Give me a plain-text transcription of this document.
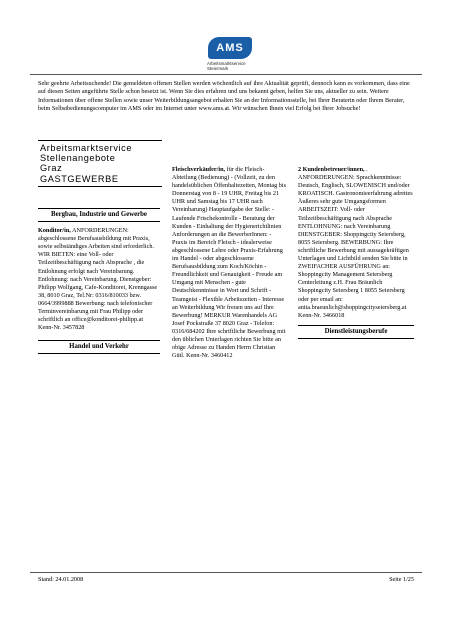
AMS
Arbeitsmarktservice
Steiermark

Sehr geehrte Arbeitsuchende! Die gemeldeten offenen Stellen werden wöchentlich auf ihre Aktualität geprüft, dennoch kann es vorkommen, dass eine auf diesen Seiten angeführte Stelle schon besetzt ist. Wenn Sie dies erfahren und uns bekannt geben, helfen Sie uns, aktueller zu sein. Weitere Informationen über offene Stellen sowie unser Weiterbildungsangebot erhalten Sie an der Informationsstelle, bei Ihrer Beraterin oder Ihrem Berater, beim Selbstbedienungscomputer im AMS oder im Internet unter www.ams.at. Wir wünschen Ihnen viel Erfolg bei Ihrer Jobsuche!

Arbeitsmarktservice
Stellenangebote
Graz
GASTGEWERBE
Bergbau, Industrie und Gewerbe

Konditor/in, ANFORDERUNGEN: abgeschlossene Berufsausbildung mit Praxis, sowie selbständiges Arbeiten sind erforderlich. WIR BIETEN: eine Voll- oder Teilzeitbeschäftigung nach Absprache , die Entlohnung erfolgt nach Vereinbarung. Entlohnung: nach Vereinbarung. Dienstgeber: Philipp Wolfgang, Cafe-Konditorei, Krenngasse 38, 8010 Graz, Tel.Nr: 0316/810033 bzw. 0664/3999888 Bewerbung: nach telefonischer Terminvereinbarung mit Frau Philipp oder schriftlich an office@konditorei-philipp.at Kenn-Nr. 3457828

Handel und Verkehr

Fleischverkäufer/in, für die Fleisch-Abteilung (Bedienung) - (Vollzeit, zu den handelsüblichen Öffenhaltezeiten, Montag bis Donnerstag von 8 - 19 UHR, Freitag bis 21 UHR und Samstag bis 17 UHR nach Vereinbarung) Hauptaufgabe der Stelle: - Laufende Frischekontrolle - Beratung der Kunden - Einhaltung der Hygienerichtlinien Anforderungen an die BewerberInnen: - Praxis im Bereich Fleisch - idealerweise abgeschlossene Lehre oder Praxis-Erfahrung im Handel - oder abgeschlossene Berufsausbildung zum Koch/Köchin - Freundlichkeit und Genauigkeit - Freude am Umgang mit Menschen - gute Deutschkenntnisse in Wort und Schrift - Teamgeist - Flexible Arbeitszeiten - Interesse an Weiterbildung Wir freuen uns auf Ihre Bewerbung! MERKUR Warenhandels AG Josef Pockstraße 37 8020 Graz - Telefon: 0316/684202 Ihre schriftliche Bewerbung mit den üblichen Unterlagen richten Sie bitte an obige Adresse zu Handen Herrn Christian Gütl. Kenn-Nr. 3460412

2 Kundenbetreuer/innen, . ANFORDERUNGEN: Sprachkenntnisse: Deutsch, Englisch, SLOWENISCH und/oder KROATISCH. Gastronomieerfahrung adrettes Äußeres sehr gute Umgangsformen ARBEITSZEIT: Voll- oder Teilzeitbeschäftigung nach Absprache ENTLOHNUNG: nach Vereinbarung DIENSTGEBER: Shoppingcity Seiersberg, 8055 Seiersberg. BEWERBUNG: Ihre schriftliche Bewerbung mit aussagekräftigen Unterlagen und Lichtbild senden Sie bitte in ZWEIFACHER AUSFÜHRUNG an: Shoppingcity Management Seiersberg Centerleitung z.H. Frau Bräunlich Shoppingcity Seiersberg 1 8055 Seiersberg oder per email an: anita.braeunlich@shoppingcityseiersberg.at Kenn-Nr. 3466018

Dienstleistungsberufe
Stand: 24.01.2008	Seite 1/25
